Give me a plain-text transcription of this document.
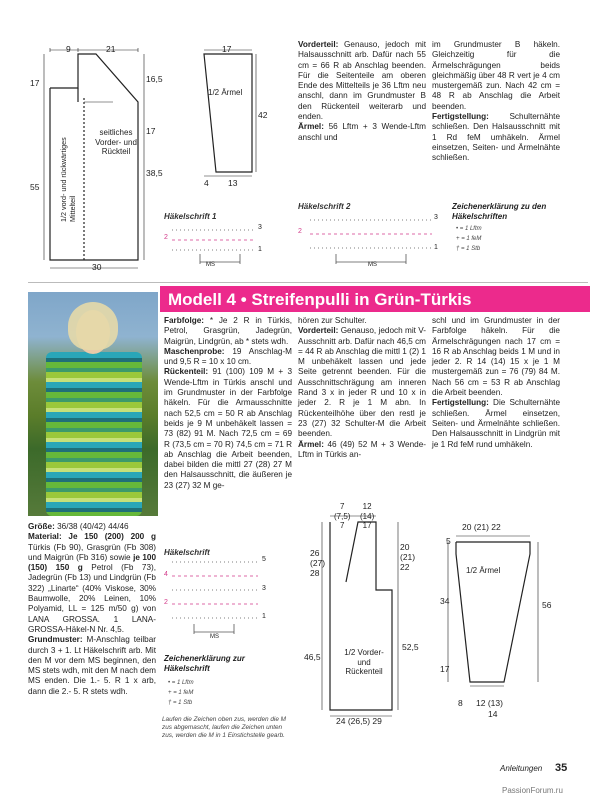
9	21
17
55
16,5
17
38,5
30
seitliches
Vorder- und
Rückteil
1/2 vord- und rückwärtiges
Mittelteil
17
42
1/2 Ärmel
4 13
Vorderteil: Genauso, jedoch mit Halsausschnitt arb. Dafür nach 55 cm = 66 R ab Anschlag beenden. Für die Seitenteile am oberen Ende des Mittelteils je 36 Lftm neu anschl, dann im Grundmuster B den Rückenteil weiterarb und enden.
Ärmel: 56 Lftm + 3 Wende-Lftm anschl und
im Grundmuster B häkeln. Gleichzeitig für die Ärmelschrägungen beids gleichmäßig über 48 R vert je 4 cm mustergemäß zun. Nach 42 cm = 48 R ab Anschlag die Arbeit beenden.
Fertigstellung:	Schulternähte schließen. Den Halsausschnitt mit 1 Rd feM umhäkeln. Ärmel einsetzen, Seiten- und Ärmelnähte schließen.
Häkelschrift 1
2
3
1
MS
Häkelschrift 2
2
3
1
MS
Zeichenerklärung zu den Häkelschriften
• = 1 Lftm
+ = 1 feM
† = 1 Stb
Modell 4 • Streifenpulli in Grün-Türkis
Größe: 36/38 (40/42) 44/46
Material: Je 150 (200) 200 g Türkis (Fb 90), Grasgrün (Fb 308) und Maigrün (Fb 316) sowie je 100 (150) 150 g Petrol (Fb 73), Jadegrün (Fb 13) und Lindgrün (Fb 322) „Linarte“ (40% Viskose, 30% Baumwolle, 20% Leinen, 10% Polyamid, LL = 125 m/50 g) von LANA GROSSA. 1 LANA-GROSSA-Häkel-N Nr. 4,5.
Grundmuster: M-Anschlag teilbar durch 3 + 1. Lt Häkelschrift arb. Mit den M vor dem MS beginnen, den MS stets wdh, mit den M nach dem MS enden. Die 1.- 5. R 1 x arb, dann die 2.- 5. R stets wdh.
Farbfolge: * Je 2 R in Türkis, Petrol, Grasgrün, Jadegrün, Maigrün, Lindgrün, ab * stets wdh.
Maschenprobe: 19 Anschlag-M und 9,5 R = 10 x 10 cm.
Rückenteil: 91 (100) 109 M + 3 Wende-Lftm in Türkis anschl und im Grundmuster in der Farbfolge häkeln. Für die Armausschnitte nach 52,5 cm = 50 R ab Anschlag beids je 9 M unbehäkelt lassen = 73 (82) 91 M. Nach 72,5 cm = 69 R (73,5 cm = 70 R) 74,5 cm = 71 R ab Anschlag die Arbeit beenden, dabei bilden die mittl 27 (28) 27 M den Halsausschnitt, die äußeren je 23 (27) 32 M ge-
hören zur Schulter.
Vorderteil: Genauso, jedoch mit V-Ausschnitt arb. Dafür nach 46,5 cm = 44 R ab Anschlag die mittl 1 (2) 1 M unbehäkelt lassen und jede Seite getrennt beenden. Für die Ausschnittschrägung am inneren Rand 3 x in jeder R und 10 x in jeder 2. R je 1 M abn. In Rückenteilhöhe über den restl je 23 (27) 32 Schulter-M die Arbeit beenden.
Ärmel: 46 (49) 52 M + 3 Wende-Lftm in Türkis an-
schl und im Grundmuster in der Farbfolge häkeln. Für die Ärmelschrägungen nach 17 cm = 16 R ab Anschlag beids 1 M und in jeder 2. R 14 (14) 15 x je 1 M mustergemäß zun = 76 (79) 84 M. Nach 56 cm = 53 R ab Anschlag die Arbeit beenden.
Fertigstellung: Die Schulternähte schließen. Ärmel einsetzen, Seiten- und Ärmelnähte schließen. Den Halsausschnitt in Lindgrün mit je 1 Rd feM rund umhäkeln.
Häkelschrift
5
4
3
2
1
MS
Zeichenerklärung zur Häkelschrift
• = 1 Lftm
+ = 1 feM
† = 1 Stb
Laufen die Zeichen oben zus, werden die M zus abgemascht, laufen die Zeichen unten zus, werden die M in 1 Einstichstelle gearb.
7
(7,5)
7
12
(14)
17
26
(27)
28
46,5
20
(21)
22
52,5
1/2 Vorder-
und
Rückenteil
24 (26,5) 29
20 (21) 22
5
34
17
56
1/2 Ärmel
8 12 (13)
14
Anleitungen 35
PassionForum.ru
